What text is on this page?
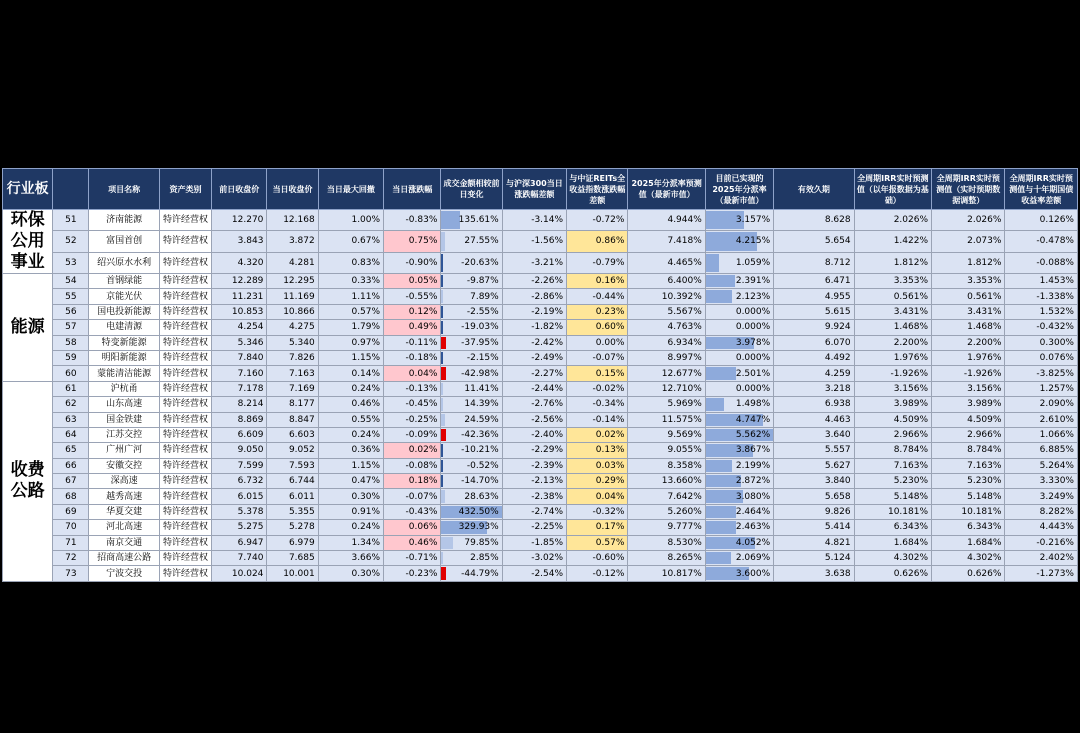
行业板		项目名称	资产类别	前日收盘价	当日收盘价	当日最大回撤	当日涨跌幅	成交金额相较前日变化	与沪深300当日涨跌幅差额	与中证REITs全收益指数涨跌幅差额	2025年分派率预测值（最新市值）	目前已实现的2025年分派率（最新市值）	有效久期	全周期IRR实时预测值（以年报数据为基础）	全周期IRR实时预测值（实时预期数据调整）	全周期IRR实时预测值与十年期国债收益率差额
环保公用事业	51	济南能源	特许经营权	12.270	12.168	1.00%	-0.83%	135.61%	-3.14%	-0.72%	4.944%	3.157%	8.628	2.026%	2.026%	0.126%
	52	富国首创	特许经营权	3.843	3.872	0.67%	0.75%	27.55%	-1.56%	0.86%	7.418%	4.215%	5.654	1.422%	2.073%	-0.478%
	53	绍兴原水水利	特许经营权	4.320	4.281	0.83%	-0.90%	-20.63%	-3.21%	-0.79%	4.465%	1.059%	8.712	1.812%	1.812%	-0.088%
能源	54	首钢绿能	特许经营权	12.289	12.295	0.33%	0.05%	-9.87%	-2.26%	0.16%	6.400%	2.391%	6.471	3.353%	3.353%	1.453%
	55	京能光伏	特许经营权	11.231	11.169	1.11%	-0.55%	7.89%	-2.86%	-0.44%	10.392%	2.123%	4.955	0.561%	0.561%	-1.338%
	56	国电投新能源	特许经营权	10.853	10.866	0.57%	0.12%	-2.55%	-2.19%	0.23%	5.567%	0.000%	5.615	3.431%	3.431%	1.532%
	57	电建清源	特许经营权	4.254	4.275	1.79%	0.49%	-19.03%	-1.82%	0.60%	4.763%	0.000%	9.924	1.468%	1.468%	-0.432%
	58	特变新能源	特许经营权	5.346	5.340	0.97%	-0.11%	-37.95%	-2.42%	0.00%	6.934%	3.978%	6.070	2.200%	2.200%	0.300%
	59	明阳新能源	特许经营权	7.840	7.826	1.15%	-0.18%	-2.15%	-2.49%	-0.07%	8.997%	0.000%	4.492	1.976%	1.976%	0.076%
	60	蒙能清洁能源	特许经营权	7.160	7.163	0.14%	0.04%	-42.98%	-2.27%	0.15%	12.677%	2.501%	4.259	-1.926%	-1.926%	-3.825%
收费公路	61	沪杭甬	特许经营权	7.178	7.169	0.24%	-0.13%	11.41%	-2.44%	-0.02%	12.710%	0.000%	3.218	3.156%	3.156%	1.257%
	62	山东高速	特许经营权	8.214	8.177	0.46%	-0.45%	14.39%	-2.76%	-0.34%	5.969%	1.498%	6.938	3.989%	3.989%	2.090%
	63	国金铁建	特许经营权	8.869	8.847	0.55%	-0.25%	24.59%	-2.56%	-0.14%	11.575%	4.747%	4.463	4.509%	4.509%	2.610%
	64	江苏交控	特许经营权	6.609	6.603	0.24%	-0.09%	-42.36%	-2.40%	0.02%	9.569%	5.562%	3.640	2.966%	2.966%	1.066%
	65	广州广河	特许经营权	9.050	9.052	0.36%	0.02%	-10.21%	-2.29%	0.13%	9.055%	3.867%	5.557	8.784%	8.784%	6.885%
	66	安徽交控	特许经营权	7.599	7.593	1.15%	-0.08%	-0.52%	-2.39%	0.03%	8.358%	2.199%	5.627	7.163%	7.163%	5.264%
	67	深高速	特许经营权	6.732	6.744	0.47%	0.18%	-14.70%	-2.13%	0.29%	13.660%	2.872%	3.840	5.230%	5.230%	3.330%
	68	越秀高速	特许经营权	6.015	6.011	0.30%	-0.07%	28.63%	-2.38%	0.04%	7.642%	3.080%	5.658	5.148%	5.148%	3.249%
	69	华夏交建	特许经营权	5.378	5.355	0.91%	-0.43%	432.50%	-2.74%	-0.32%	5.260%	2.464%	9.826	10.181%	10.181%	8.282%
	70	河北高速	特许经营权	5.275	5.278	0.24%	0.06%	329.93%	-2.25%	0.17%	9.777%	2.463%	5.414	6.343%	6.343%	4.443%
	71	南京交通	特许经营权	6.947	6.979	1.34%	0.46%	79.85%	-1.85%	0.57%	8.530%	4.052%	4.821	1.684%	1.684%	-0.216%
	72	招商高速公路	特许经营权	7.740	7.685	3.66%	-0.71%	2.85%	-3.02%	-0.60%	8.265%	2.069%	5.124	4.302%	4.302%	2.402%
	73	宁波交投	特许经营权	10.024	10.001	0.30%	-0.23%	-44.79%	-2.54%	-0.12%	10.817%	3.600%	3.638	0.626%	0.626%	-1.273%
